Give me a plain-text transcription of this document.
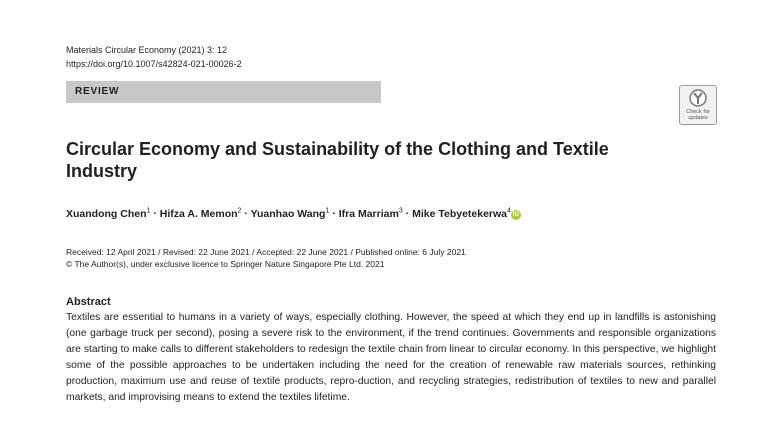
Materials Circular Economy (2021) 3: 12
https://doi.org/10.1007/s42824-021-00026-2
REVIEW
Check for
updates
Circular Economy and Sustainability of the Clothing and Textile Industry
Xuandong Chen$^1$ · Hifza A. Memon$^2$ · Yuanhao Wang$^1$ · Ifra Marriam$^3$ · Mike Tebyetekerwa$^4$iD
Received: 12 April 2021 / Revised: 22 June 2021 / Accepted: 22 June 2021 / Published online: 6 July 2021
© The Author(s), under exclusive licence to Springer Nature Singapore Pte Ltd. 2021
Abstract
Textiles are essential to humans in a variety of ways, especially clothing. However, the speed at which they end up in landfills is astonishing (one garbage truck per second), posing a severe risk to the environment, if the trend continues. Governments and responsible organizations are starting to make calls to different stakeholders to redesign the textile chain from linear to circular economy. In this perspective, we highlight some of the possible approaches to be undertaken including the need for the creation of renewable raw materials sources, rethinking production, maximum use and reuse of textile products, repro-duction, and recycling strategies, redistribution of textiles to new and parallel markets, and improvising means to extend the textiles lifetime.
